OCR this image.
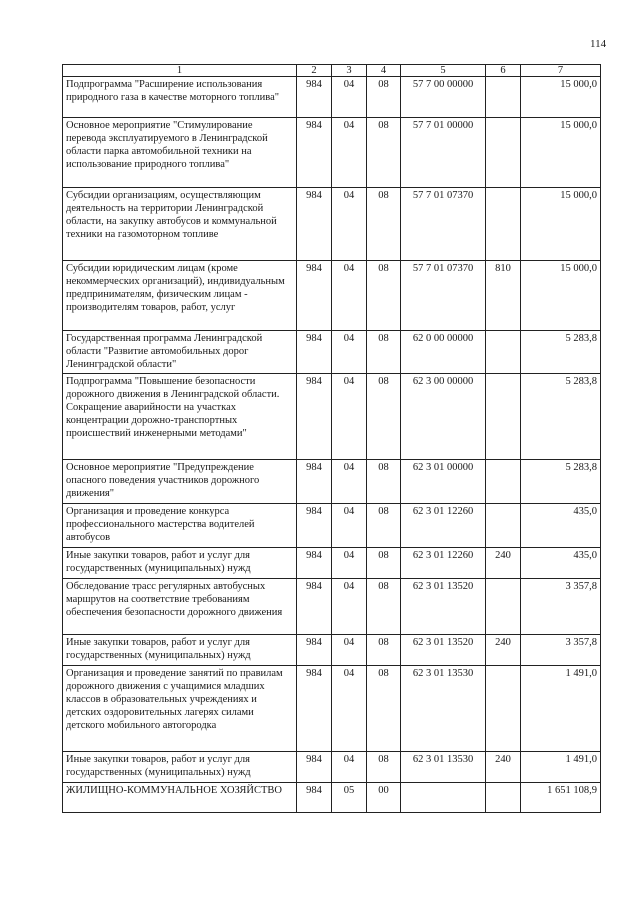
114
1	2	3	4	5	6	7
Подпрограмма "Расширение использования природного газа в качестве моторного топлива"	984	04	08	57 7 00 00000		15 000,0
Основное мероприятие "Стимулирование перевода эксплуатируемого в Ленинградской области парка автомобильной техники на использование природного топлива"	984	04	08	57 7 01 00000		15 000,0
Субсидии организациям, осуществляющим деятельность на территории Ленинградской области, на закупку автобусов и коммунальной техники на газомоторном топливе	984	04	08	57 7 01 07370		15 000,0
Субсидии юридическим лицам (кроме некоммерческих организаций), индивидуальным предпринимателям, физическим лицам - производителям товаров, работ, услуг	984	04	08	57 7 01 07370	810	15 000,0
Государственная программа Ленинградской области "Развитие автомобильных дорог Ленинградской области"	984	04	08	62 0 00 00000		5 283,8
Подпрограмма "Повышение безопасности дорожного движения в Ленинградской области. Сокращение аварийности на участках концентрации дорожно-транспортных происшествий инженерными методами"	984	04	08	62 3 00 00000		5 283,8
Основное мероприятие "Предупреждение опасного поведения участников дорожного движения"	984	04	08	62 3 01 00000		5 283,8
Организация и проведение конкурса профессионального мастерства водителей автобусов	984	04	08	62 3 01 12260		435,0
Иные закупки товаров, работ и услуг для государственных (муниципальных) нужд	984	04	08	62 3 01 12260	240	435,0
Обследование трасс регулярных автобусных маршрутов на соответствие требованиям обеспечения безопасности дорожного движения	984	04	08	62 3 01 13520		3 357,8
Иные закупки товаров, работ и услуг для государственных (муниципальных) нужд	984	04	08	62 3 01 13520	240	3 357,8
Организация и проведение занятий по правилам дорожного движения с учащимися младших классов в образовательных учреждениях и детских оздоровительных лагерях силами детского мобильного автогородка	984	04	08	62 3 01 13530		1 491,0
Иные закупки товаров, работ и услуг для государственных (муниципальных) нужд	984	04	08	62 3 01 13530	240	1 491,0
ЖИЛИЩНО-КОММУНАЛЬНОЕ ХОЗЯЙСТВО	984	05	00			1 651 108,9
